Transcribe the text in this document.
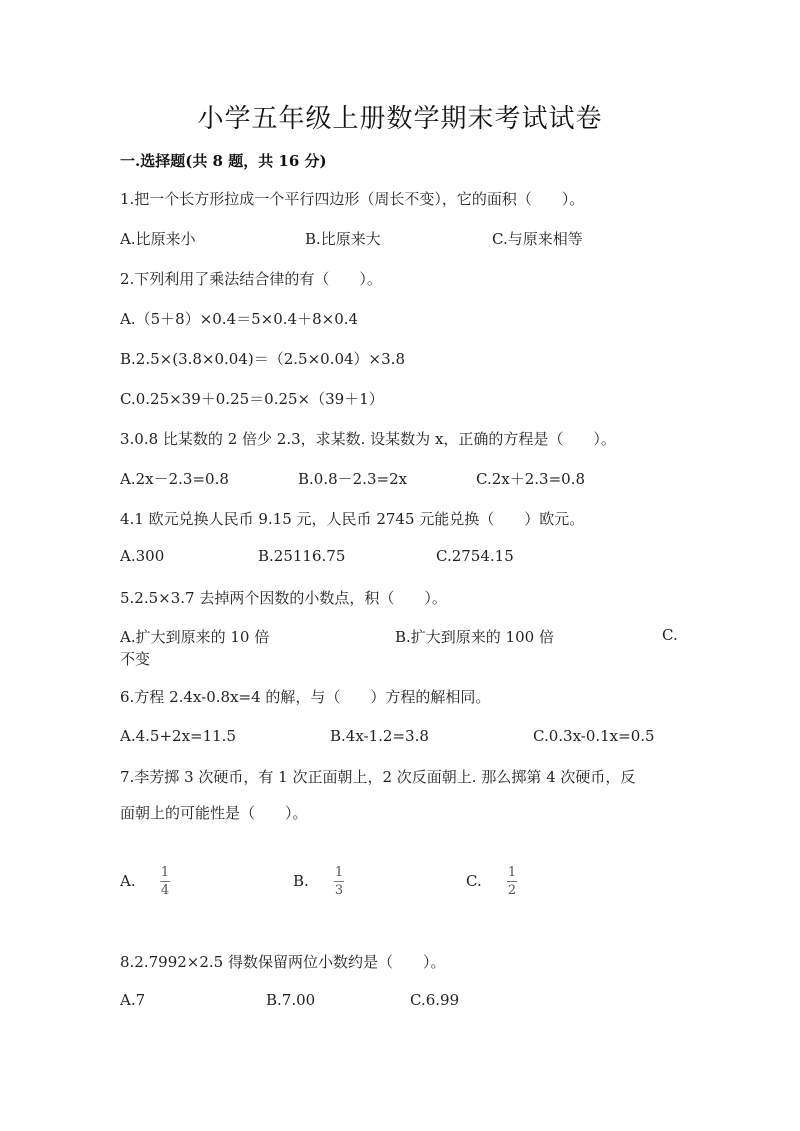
小学五年级上册数学期末考试试卷
一.选择题(共 8 题，共 16 分)
1.把一个长方形拉成一个平行四边形（周长不变），它的面积（　　）。
A.比原来小	B.比原来大	C.与原来相等
2.下列利用了乘法结合律的有（　　）。
A.（5＋8）×0.4＝5×0.4＋8×0.4
B.2.5×(3.8×0.04)＝（2.5×0.04）×3.8
C.0.25×39＋0.25＝0.25×（39＋1）
3.0.8 比某数的 2 倍少 2.3，求某数. 设某数为 x，正确的方程是（　　）。
A.2x－2.3=0.8	B.0.8－2.3=2x	C.2x＋2.3=0.8
4.1 欧元兑换人民币 9.15 元，人民币 2745 元能兑换（　　）欧元。
A.300	B.25116.75	C.2754.15
5.2.5×3.7 去掉两个因数的小数点，积（　　）。
A.扩大到原来的 10 倍	B.扩大到原来的 100 倍	C.
不变
6.方程 2.4x-0.8x=4 的解，与（　　）方程的解相同。
A.4.5+2x=11.5	B.4x-1.2=3.8	C.0.3x-0.1x=0.5
7.李芳掷 3 次硬币，有 1 次正面朝上，2 次反面朝上. 那么掷第 4 次硬币，反
面朝上的可能性是（　　）。
A. 1
4
B. 1
3
C. 1
2
8.2.7992×2.5 得数保留两位小数约是（　　）。
A.7	B.7.00	C.6.99
